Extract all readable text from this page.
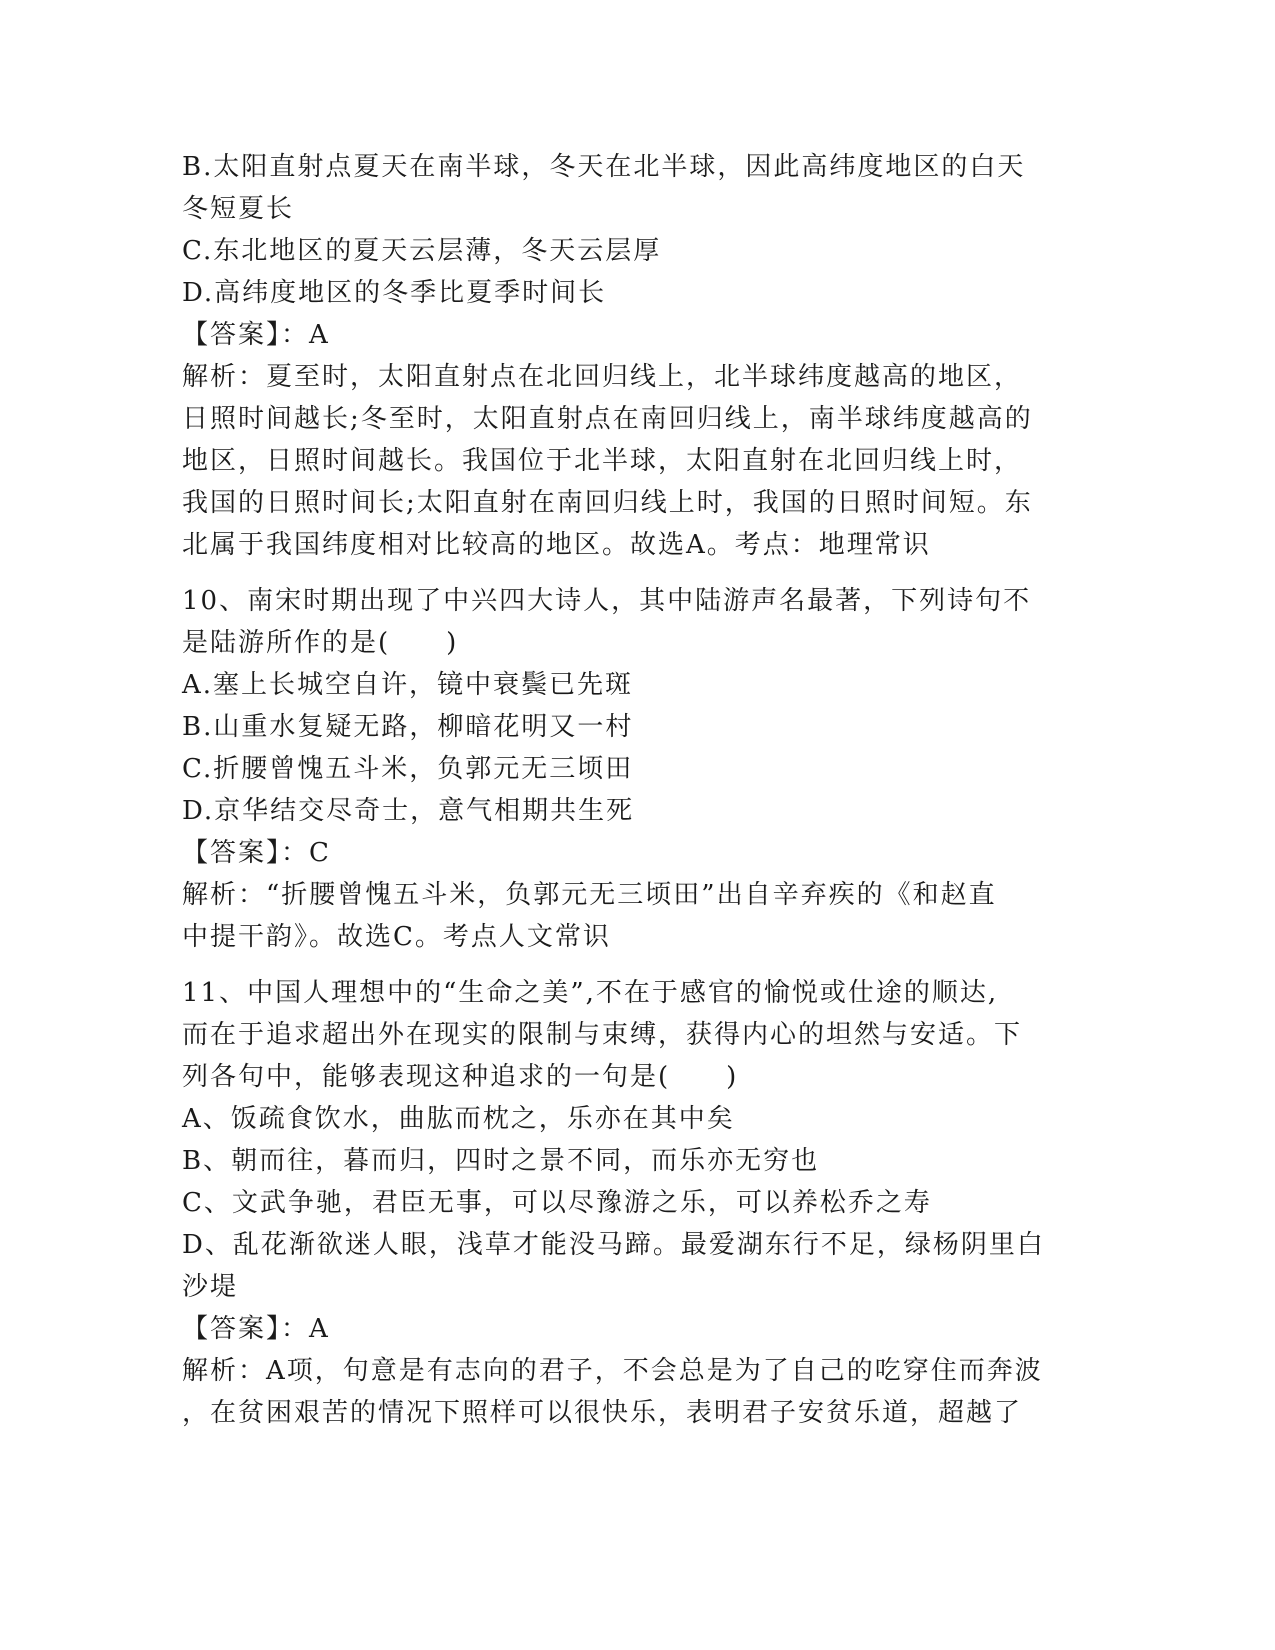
B.太阳直射点夏天在南半球，冬天在北半球，因此高纬度地区的白天
冬短夏长
C.东北地区的夏天云层薄，冬天云层厚
D.高纬度地区的冬季比夏季时间长
【答案】：A
解析：夏至时，太阳直射点在北回归线上，北半球纬度越高的地区，
日照时间越长;冬至时，太阳直射点在南回归线上，南半球纬度越高的
地区，日照时间越长。我国位于北半球，太阳直射在北回归线上时，
我国的日照时间长;太阳直射在南回归线上时，我国的日照时间短。东
北属于我国纬度相对比较高的地区。故选A。考点：地理常识
10、南宋时期出现了中兴四大诗人，其中陆游声名最著，下列诗句不
是陆游所作的是(　　)
A.塞上长城空自许，镜中衰鬓已先斑
B.山重水复疑无路，柳暗花明又一村
C.折腰曾愧五斗米，负郭元无三顷田
D.京华结交尽奇士，意气相期共生死
【答案】：C
解析：“折腰曾愧五斗米，负郭元无三顷田”出自辛弃疾的《和赵直
中提干韵》。故选C。考点人文常识
11、中国人理想中的“生命之美”,不在于感官的愉悦或仕途的顺达,
而在于追求超出外在现实的限制与束缚，获得内心的坦然与安适。下
列各句中，能够表现这种追求的一句是(　　)
A、饭疏食饮水，曲肱而枕之，乐亦在其中矣
B、朝而往，暮而归，四时之景不同，而乐亦无穷也
C、文武争驰，君臣无事，可以尽豫游之乐，可以养松乔之寿
D、乱花渐欲迷人眼，浅草才能没马蹄。最爱湖东行不足，绿杨阴里白
沙堤
【答案】：A
解析：A项，句意是有志向的君子，不会总是为了自己的吃穿住而奔波
，在贫困艰苦的情况下照样可以很快乐，表明君子安贫乐道，超越了
